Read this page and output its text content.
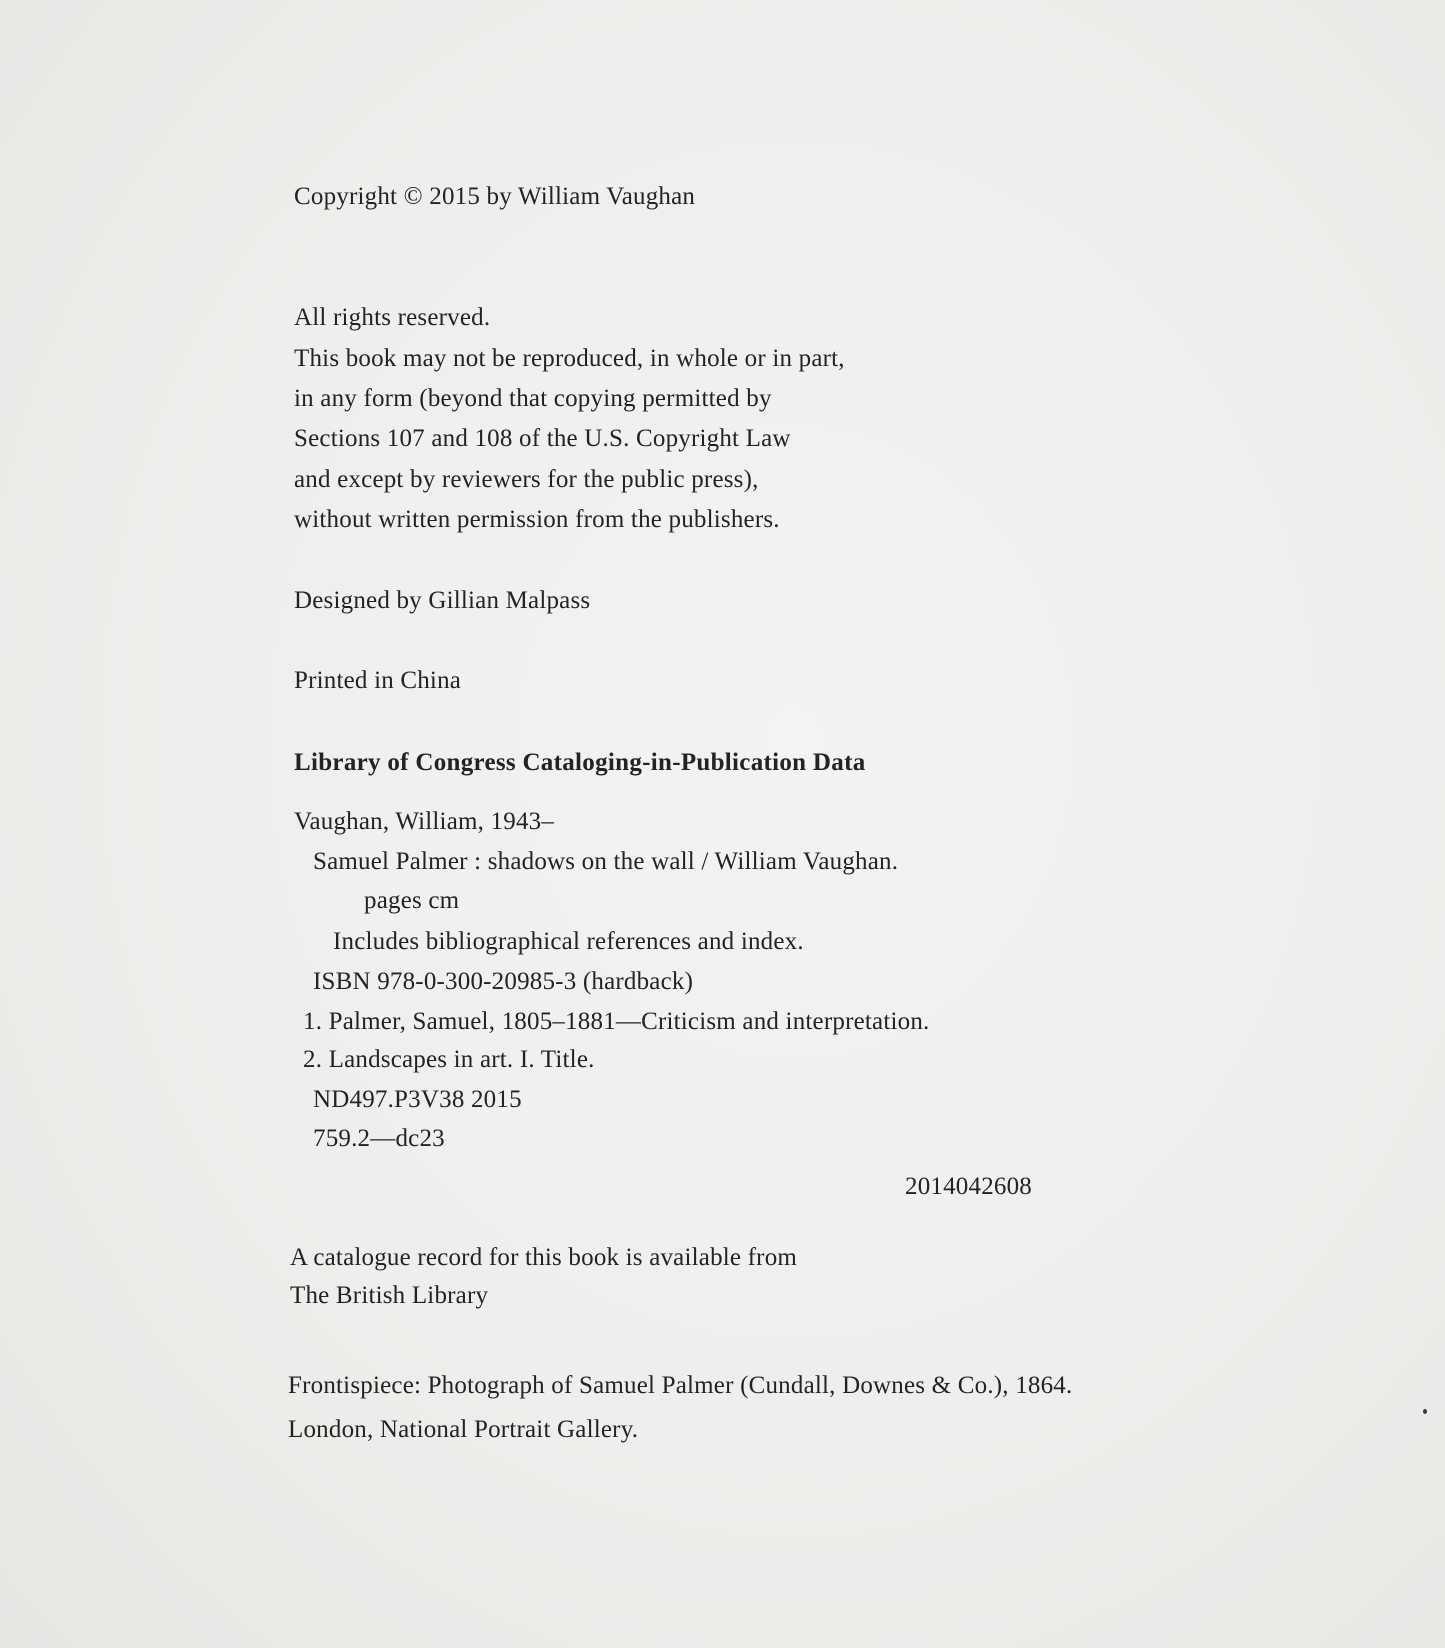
Copyright © 2015 by William Vaughan
All rights reserved.
This book may not be reproduced, in whole or in part,
in any form (beyond that copying permitted by
Sections 107 and 108 of the U.S. Copyright Law
and except by reviewers for the public press),
without written permission from the publishers.
Designed by Gillian Malpass
Printed in China
Library of Congress Cataloging-in-Publication Data
Vaughan, William, 1943–
Samuel Palmer : shadows on the wall / William Vaughan.
pages cm
Includes bibliographical references and index.
ISBN 978-0-300-20985-3 (hardback)
1. Palmer, Samuel, 1805–1881—Criticism and interpretation.
2. Landscapes in art. I. Title.
ND497.P3V38 2015
759.2—dc23
2014042608
A catalogue record for this book is available from
The British Library
Frontispiece: Photograph of Samuel Palmer (Cundall, Downes & Co.), 1864.
London, National Portrait Gallery.
